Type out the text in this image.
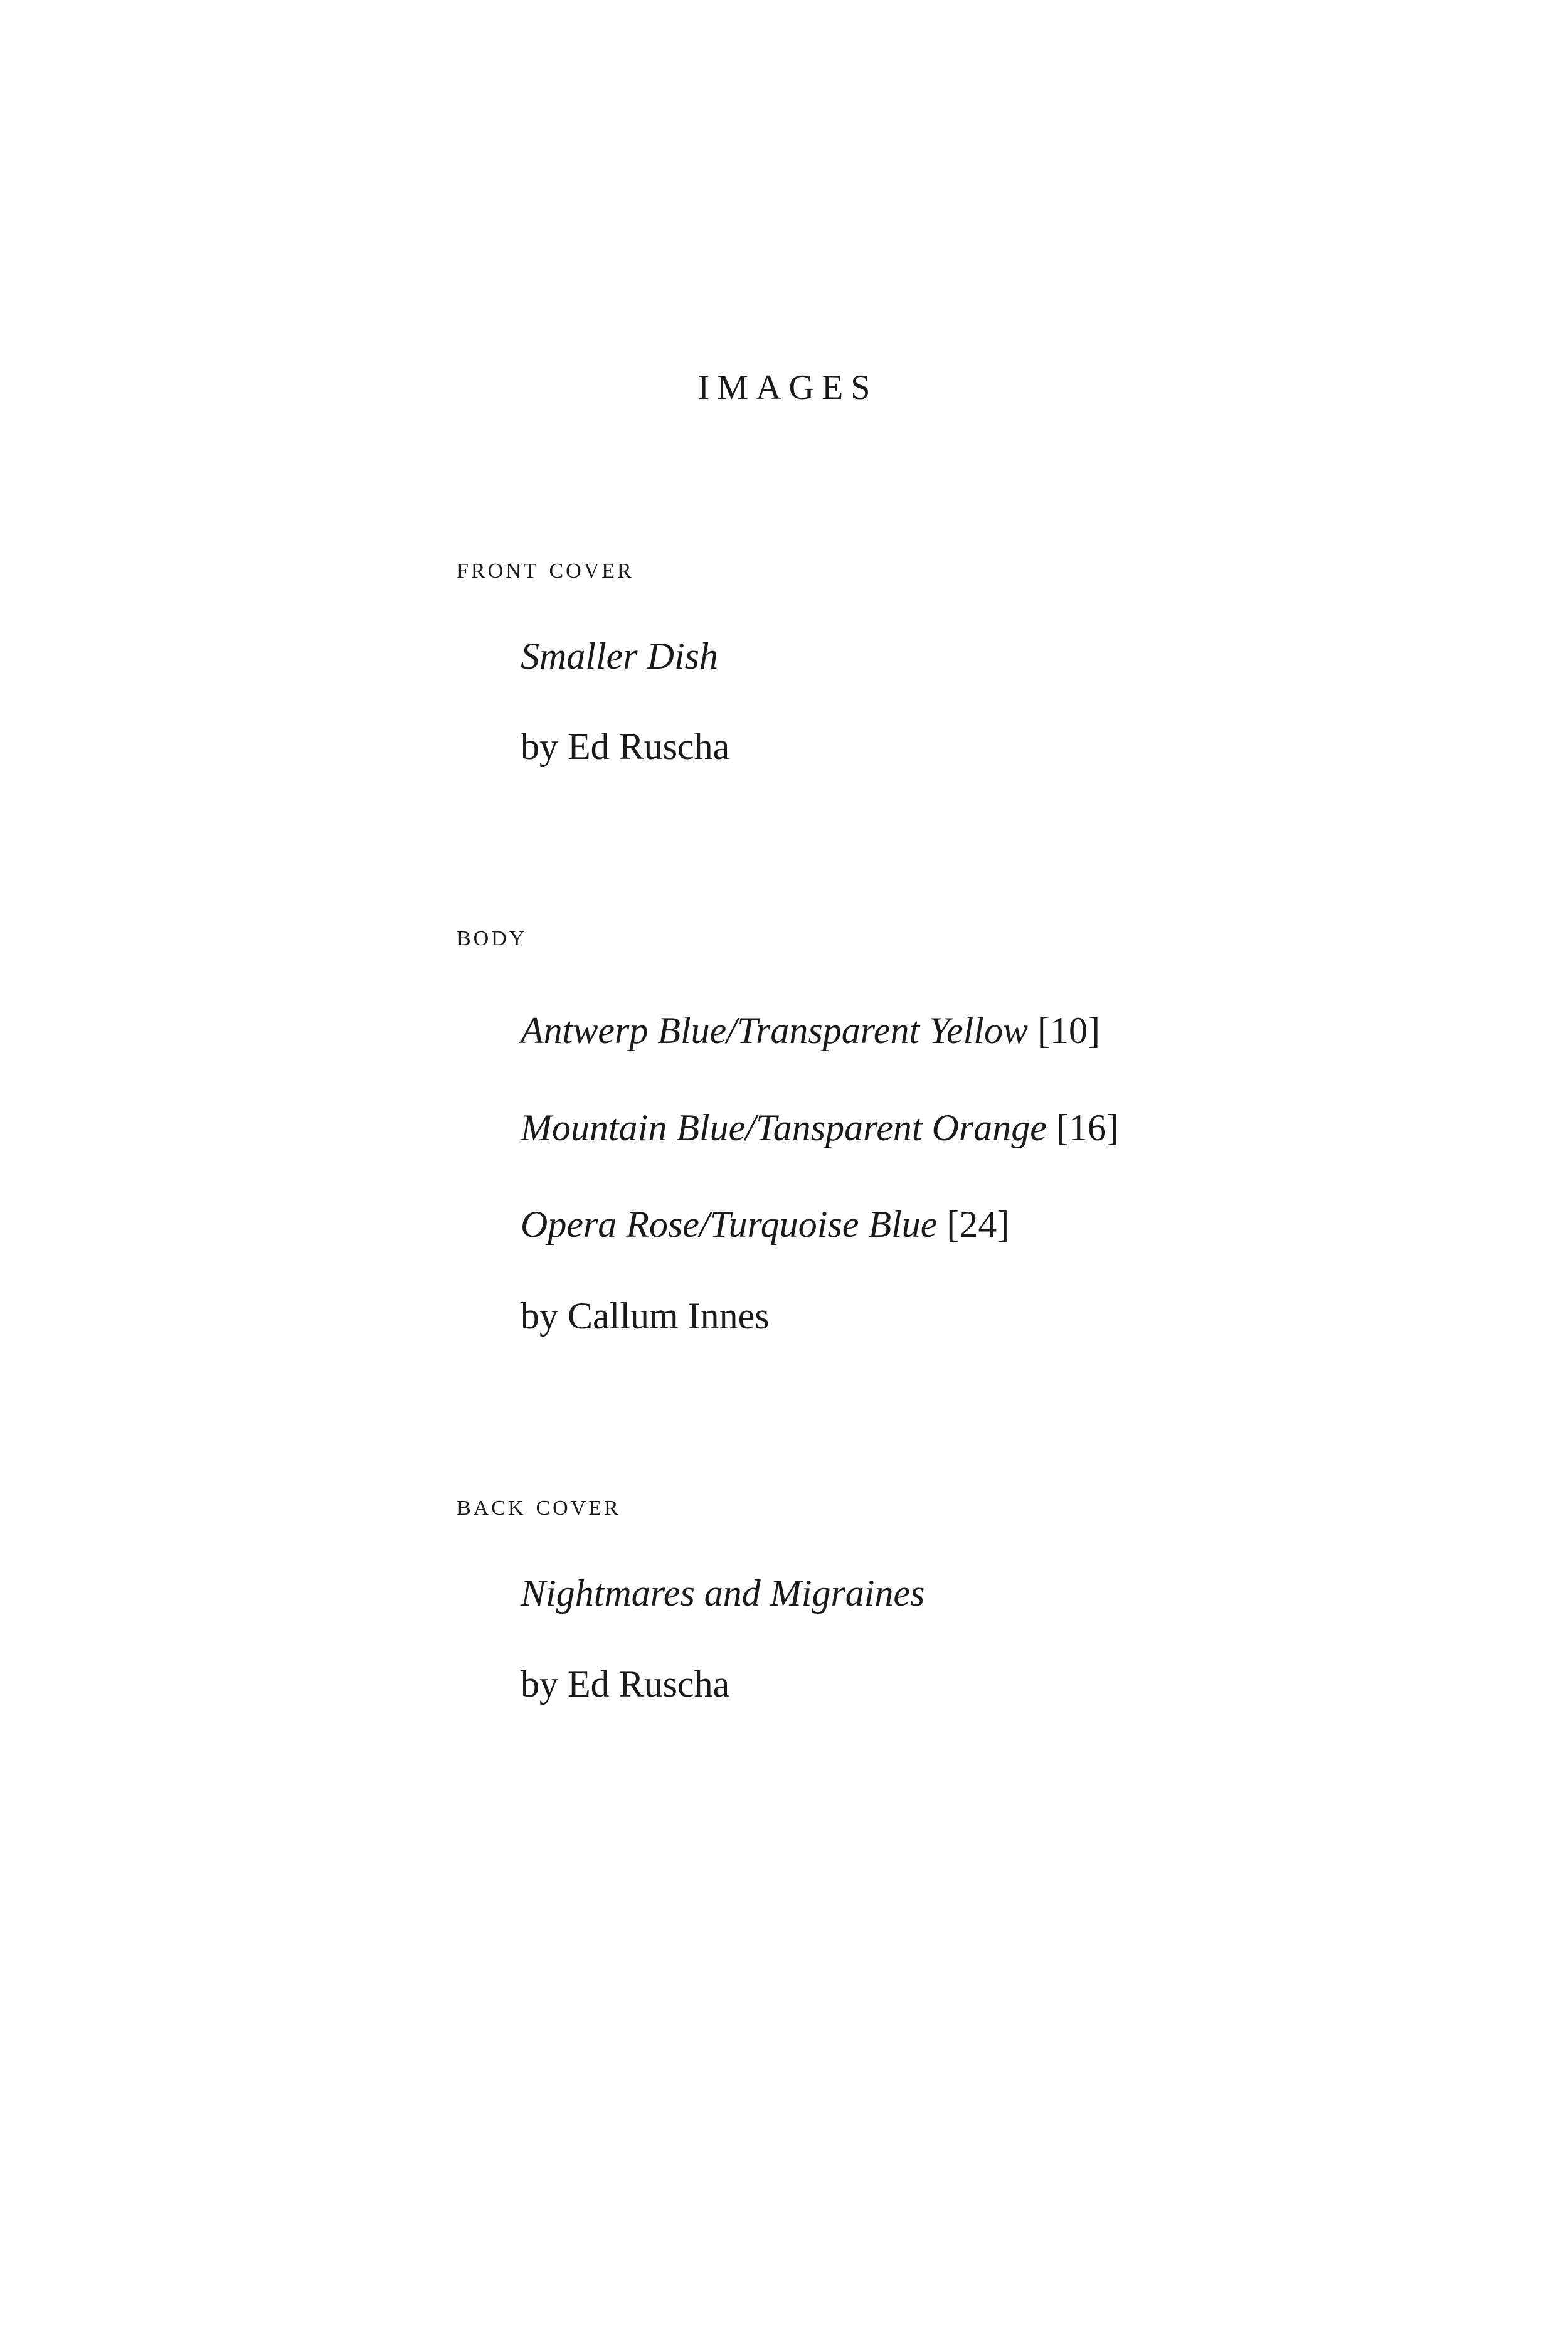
IMAGES
front cover

Smaller Dish

by Ed Ruscha

body

Antwerp Blue/Transparent Yellow [10]

Mountain Blue/Tansparent Orange [16]

Opera Rose/Turquoise Blue [24]

by Callum Innes

back cover

Nightmares and Migraines

by Ed Ruscha
